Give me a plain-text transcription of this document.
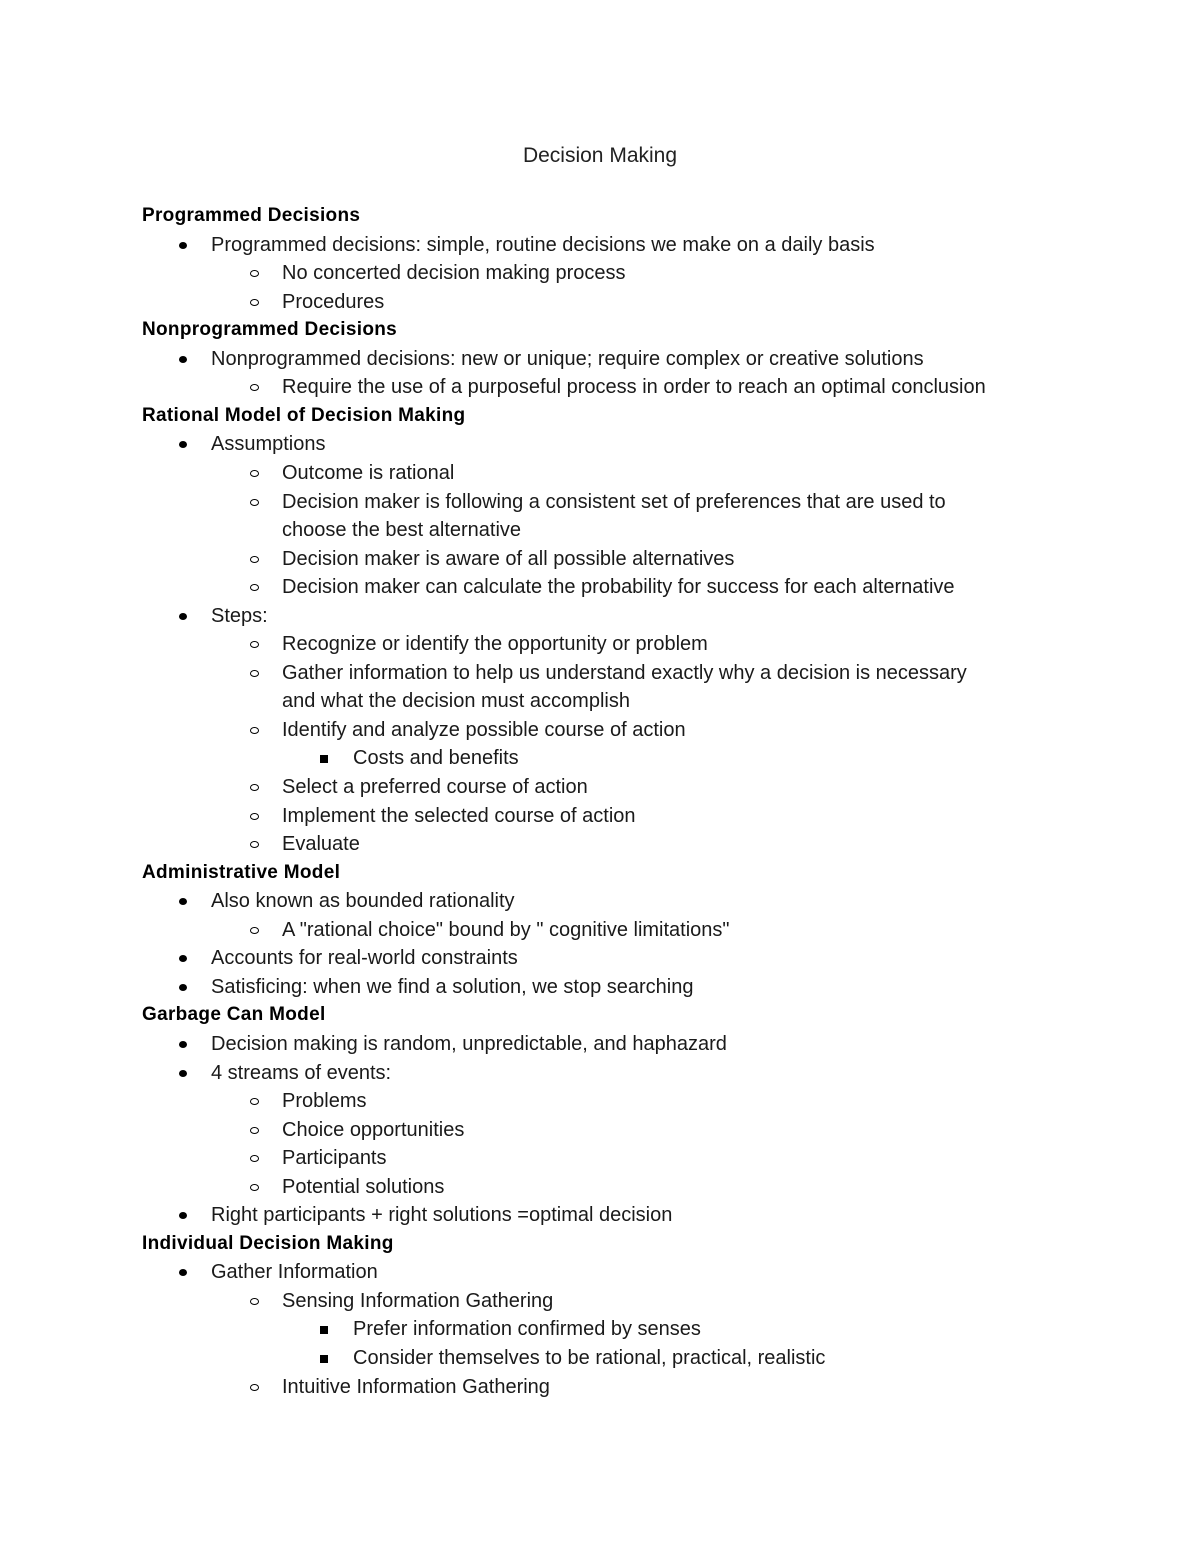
Decision Making
Programmed Decisions
Programmed decisions: simple, routine decisions we make on a daily basis
No concerted decision making process
Procedures
Nonprogrammed Decisions
Nonprogrammed decisions: new or unique; require complex or creative solutions
Require the use of a purposeful process in order to reach an optimal conclusion
Rational Model of Decision Making
Assumptions
Outcome is rational
Decision maker is following a consistent set of preferences that are used to
choose the best alternative
Decision maker is aware of all possible alternatives
Decision maker can calculate the probability for success for each alternative
Steps:
Recognize or identify the opportunity or problem
Gather information to help us understand exactly why a decision is necessary
and what the decision must accomplish
Identify and analyze possible course of action
Costs and benefits
Select a preferred course of action
Implement the selected course of action
Evaluate
Administrative Model
Also known as bounded rationality
A "rational choice" bound by " cognitive limitations"
Accounts for real-world constraints
Satisficing: when we find a solution, we stop searching
Garbage Can Model
Decision making is random, unpredictable, and haphazard
4 streams of events:
Problems
Choice opportunities
Participants
Potential solutions
Right participants + right solutions =optimal decision
Individual Decision Making
Gather Information
Sensing Information Gathering
Prefer information confirmed by senses
Consider themselves to be rational, practical, realistic
Intuitive Information Gathering
